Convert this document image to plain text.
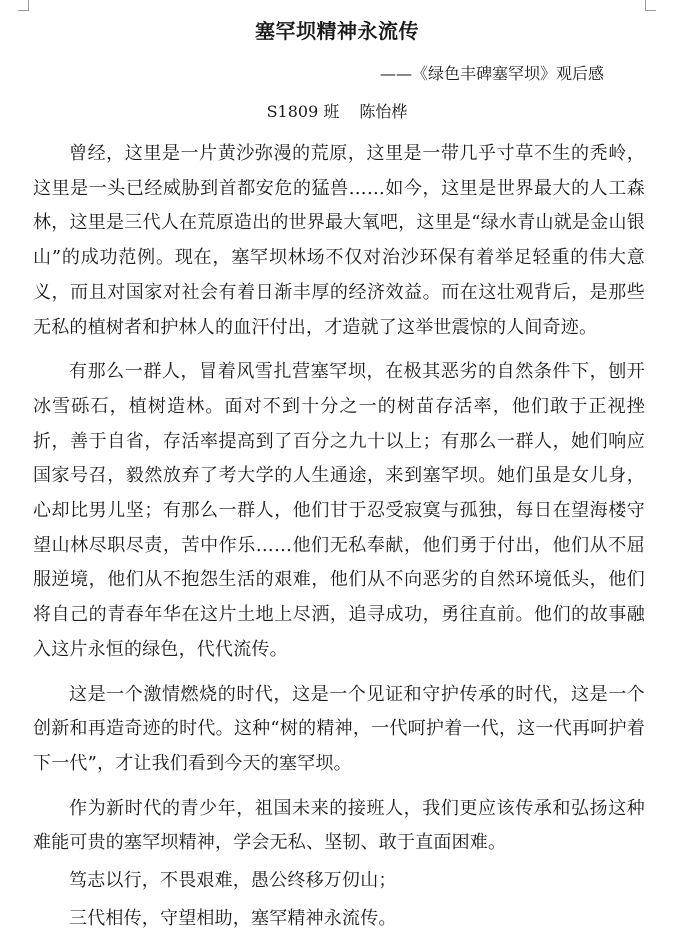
塞罕坝精神永流传
——《绿色丰碑塞罕坝》观后感
S1809 班 陈怡桦

曾经，这里是一片黄沙弥漫的荒原，这里是一带几乎寸草不生的秃岭，这里是一头已经威胁到首都安危的猛兽……如今，这里是世界最大的人工森林，这里是三代人在荒原造出的世界最大氧吧，这里是“绿水青山就是金山银山”的成功范例。现在，塞罕坝林场不仅对治沙环保有着举足轻重的伟大意义，而且对国家对社会有着日渐丰厚的经济效益。而在这壮观背后，是那些无私的植树者和护林人的血汗付出，才造就了这举世震惊的人间奇迹。

有那么一群人，冒着风雪扎营塞罕坝，在极其恶劣的自然条件下，刨开冰雪砾石，植树造林。面对不到十分之一的树苗存活率，他们敢于正视挫折，善于自省，存活率提高到了百分之九十以上；有那么一群人，她们响应国家号召，毅然放弃了考大学的人生通途，来到塞罕坝。她们虽是女儿身，心却比男儿坚；有那么一群人，他们甘于忍受寂寞与孤独，每日在望海楼守望山林尽职尽责，苦中作乐……他们无私奉献，他们勇于付出，他们从不屈服逆境，他们从不抱怨生活的艰难，他们从不向恶劣的自然环境低头，他们将自己的青春年华在这片土地上尽洒，追寻成功，勇往直前。他们的故事融入这片永恒的绿色，代代流传。

这是一个激情燃烧的时代，这是一个见证和守护传承的时代，这是一个创新和再造奇迹的时代。这种“树的精神，一代呵护着一代，这一代再呵护着下一代”，才让我们看到今天的塞罕坝。

作为新时代的青少年，祖国未来的接班人，我们更应该传承和弘扬这种难能可贵的塞罕坝精神，学会无私、坚韧、敢于直面困难。

笃志以行，不畏艰难，愚公终移万仞山；

三代相传，守望相助，塞罕精神永流传。
